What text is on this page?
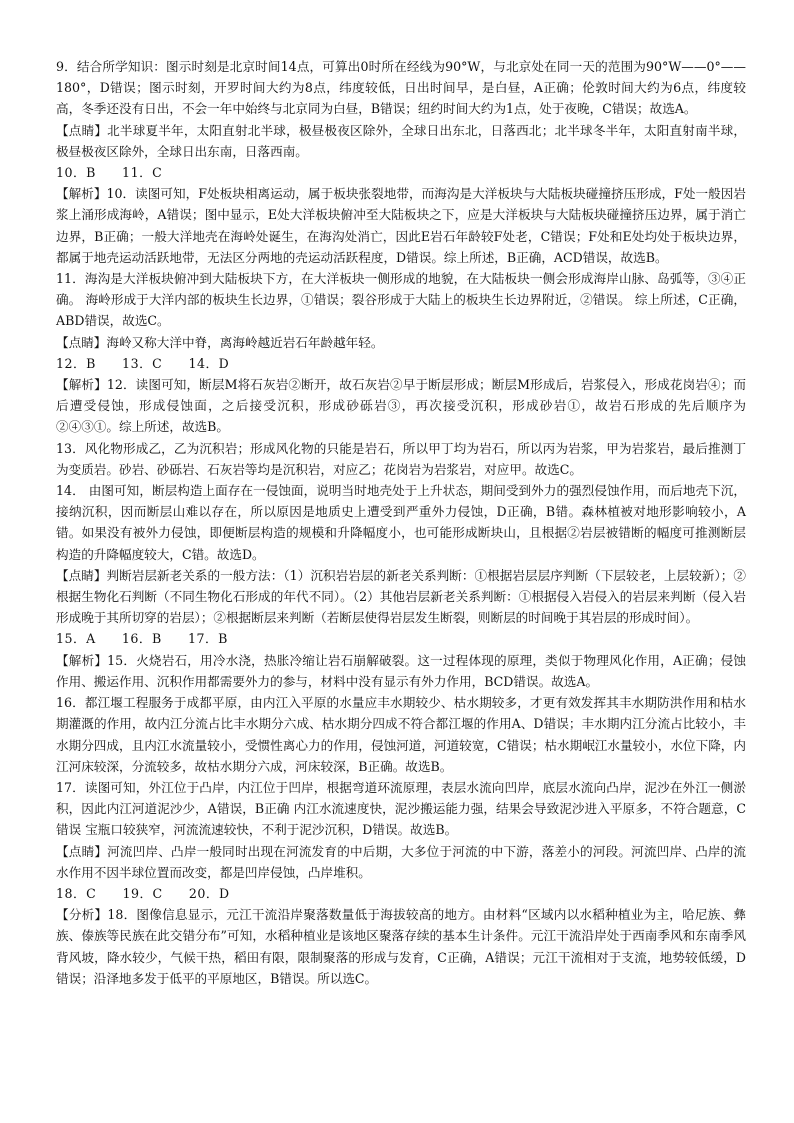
9．结合所学知识：图示时刻是北京时间14点，可算出0时所在经线为90°W，与北京处在同一天的范围为90°W——0°——180°，D错误；图示时刻，开罗时间大约为8点，纬度较低，日出时间早，是白昼，A正确；伦敦时间大约为6点，纬度较高，冬季还没有日出，不会一年中始终与北京同为白昼，B错误；纽约时间大约为1点，处于夜晚，C错误；故选A。

【点睛】北半球夏半年，太阳直射北半球，极昼极夜区除外，全球日出东北，日落西北；北半球冬半年，太阳直射南半球，极昼极夜区除外，全球日出东南，日落西南。

10．B　　11．C

【解析】10．读图可知，F处板块相离运动，属于板块张裂地带，而海沟是大洋板块与大陆板块碰撞挤压形成，F处一般因岩浆上涌形成海岭，A错误；图中显示，E处大洋板块俯冲至大陆板块之下，应是大洋板块与大陆板块碰撞挤压边界，属于消亡边界，B正确；一般大洋地壳在海岭处诞生，在海沟处消亡，因此E岩石年龄较F处老，C错误；F处和E处均处于板块边界，都属于地壳运动活跃地带，无法区分两地的壳运动活跃程度，D错误。综上所述，B正确，ACD错误，故选B。

11．海沟是大洋板块俯冲到大陆板块下方，在大洋板块一侧形成的地貌，在大陆板块一侧会形成海岸山脉、岛弧等，③④正确。 海岭形成于大洋内部的板块生长边界，①错误；裂谷形成于大陆上的板块生长边界附近，②错误。 综上所述，C正确，ABD错误，故选C。

【点睛】海岭又称大洋中脊，离海岭越近岩石年龄越年轻。

12．B　　13．C　　14．D

【解析】12．读图可知，断层M将石灰岩②断开，故石灰岩②早于断层形成；断层M形成后，岩浆侵入，形成花岗岩④；而后遭受侵蚀，形成侵蚀面，之后接受沉积，形成砂砾岩③，再次接受沉积，形成砂岩①，故岩石形成的先后顺序为②④③①。综上所述，故选B。

13．风化物形成乙，乙为沉积岩；形成风化物的只能是岩石，所以甲丁均为岩石，所以丙为岩浆，甲为岩浆岩，最后推测丁为变质岩。砂岩、砂砾岩、石灰岩等均是沉积岩，对应乙；花岗岩为岩浆岩，对应甲。故选C。

14． 由图可知，断层构造上面存在一侵蚀面，说明当时地壳处于上升状态，期间受到外力的强烈侵蚀作用，而后地壳下沉，接纳沉积，因而断层山难以存在，所以原因是地质史上遭受到严重外力侵蚀，D正确，B错。森林植被对地形影响较小，A错。如果没有被外力侵蚀，即便断层构造的规模和升降幅度小，也可能形成断块山，且根据②岩层被错断的幅度可推测断层构造的升降幅度较大，C错。故选D。

【点睛】判断岩层新老关系的一般方法：（1）沉积岩岩层的新老关系判断：①根据岩层层序判断（下层较老，上层较新）；②根据生物化石判断（不同生物化石形成的年代不同）。（2）其他岩层新老关系判断：①根据侵入岩侵入的岩层来判断（侵入岩形成晚于其所切穿的岩层）；②根据断层来判断（若断层使得岩层发生断裂，则断层的时间晚于其岩层的形成时间）。

15．A　　16．B　　17．B

【解析】15．火烧岩石，用冷水浇，热胀冷缩让岩石崩解破裂。这一过程体现的原理，类似于物理风化作用，A正确；侵蚀作用、搬运作用、沉积作用都需要外力的参与，材料中没有显示有外力作用，BCD错误。故选A。

16．都江堰工程服务于成都平原，由内江入平原的水量应丰水期较少、枯水期较多，才更有效发挥其丰水期防洪作用和枯水期灌溉的作用，故内江分流占比丰水期分六成、枯水期分四成不符合都江堰的作用A、D错误；丰水期内江分流占比较小，丰水期分四成，且内江水流量较小，受惯性离心力的作用，侵蚀河道，河道较宽，C错误；枯水期岷江水量较小，水位下降，内江河床较深，分流较多，故枯水期分六成，河床较深，B正确。故选B。

17．读图可知，外江位于凸岸，内江位于凹岸，根据弯道环流原理，表层水流向凹岸，底层水流向凸岸，泥沙在外江一侧淤积，因此内江河道泥沙少，A错误，B正确 内江水流速度快，泥沙搬运能力强，结果会导致泥沙进入平原多，不符合题意，C错误 宝瓶口较狭窄，河流流速较快，不利于泥沙沉积，D错误。故选B。

【点睛】河流凹岸、凸岸一般同时出现在河流发育的中后期，大多位于河流的中下游，落差小的河段。河流凹岸、凸岸的流水作用不因半球位置而改变，都是凹岸侵蚀，凸岸堆积。

18．C　　19．C　　20．D

【分析】18．图像信息显示，元江干流沿岸聚落数量低于海拔较高的地方。由材料“区域内以水稻种植业为主，哈尼族、彝族、傣族等民族在此交错分布”可知，水稻种植业是该地区聚落存续的基本生计条件。元江干流沿岸处于西南季风和东南季风背风坡，降水较少，气候干热，稻田有限，限制聚落的形成与发育，C正确，A错误；元江干流相对于支流，地势较低缓，D错误；沿泽地多发于低平的平原地区，B错误。所以选C。
